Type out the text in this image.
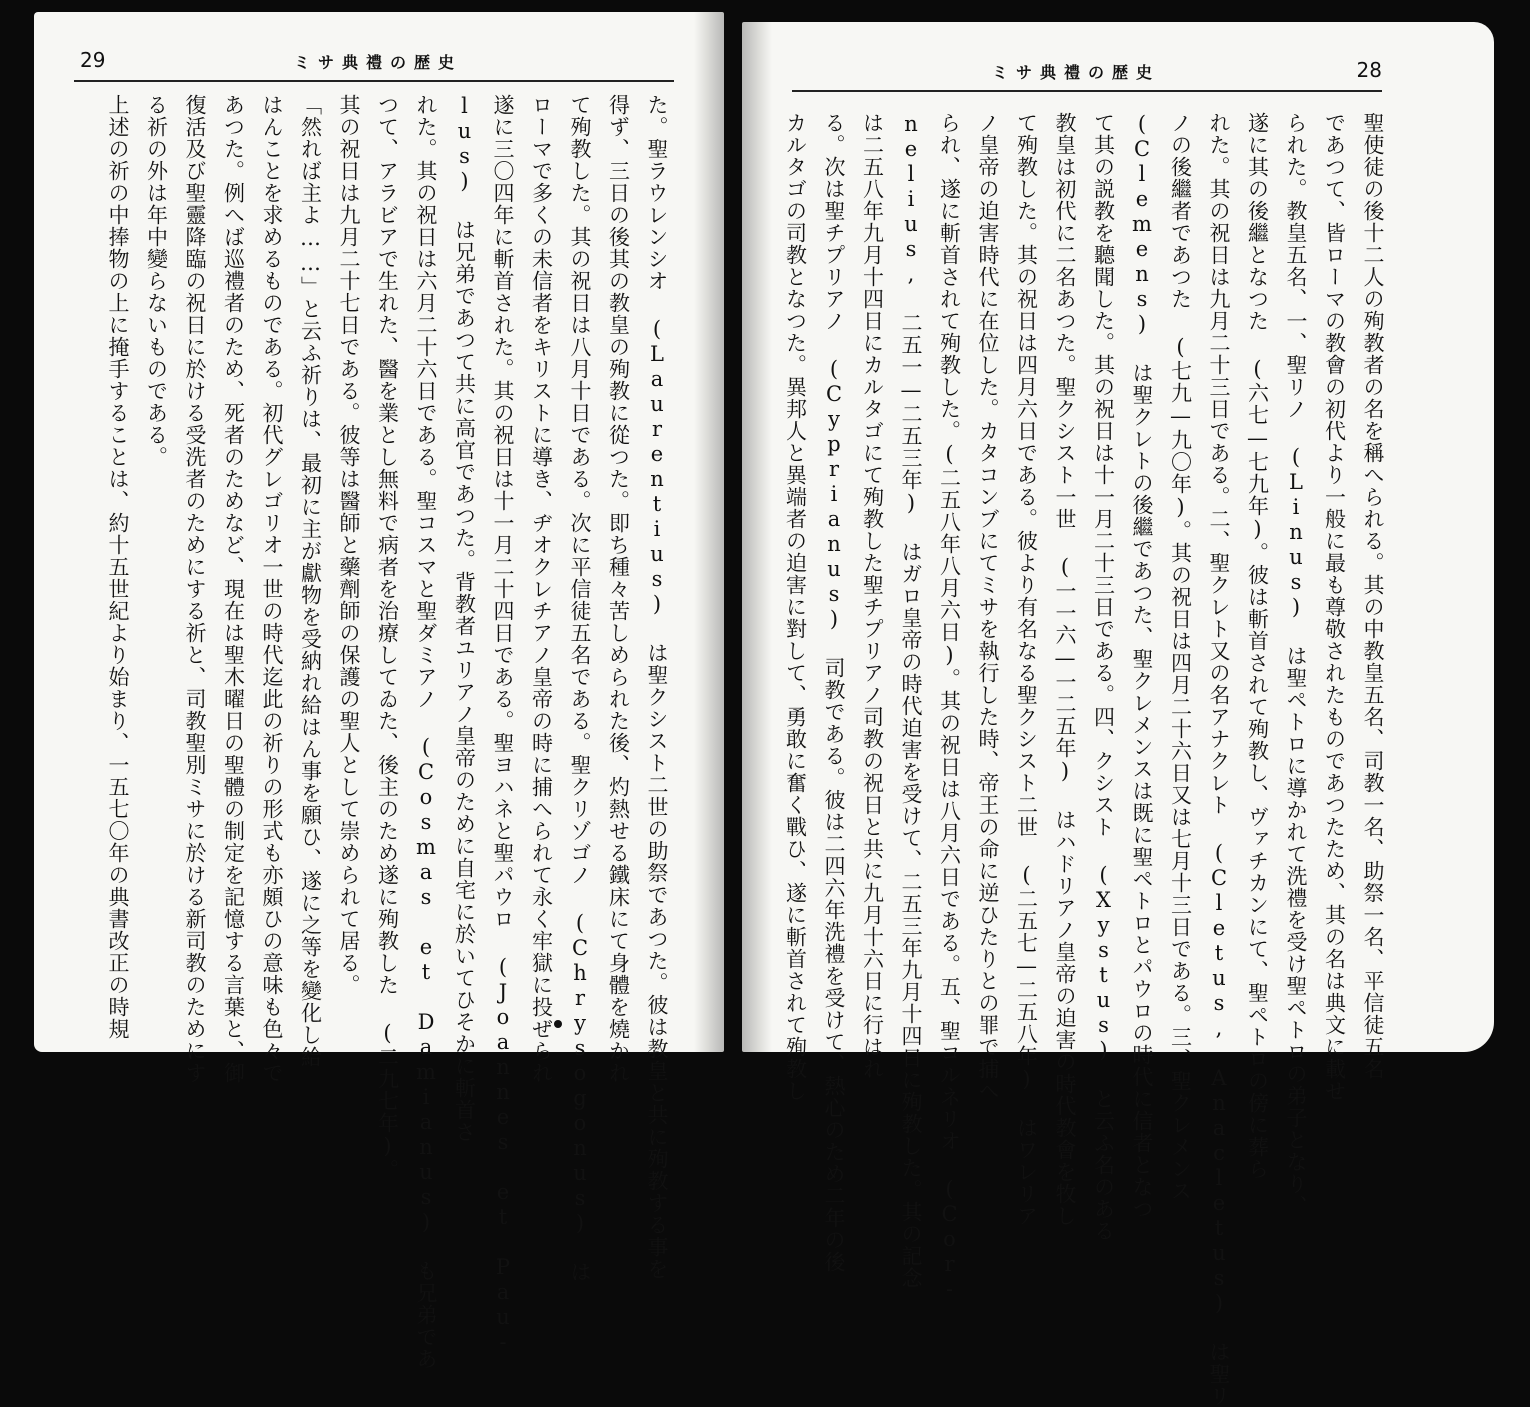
29	ミサ典禮の歴史
た。聖ラウレンシオ (Laurentius) は聖クシスト二世の助祭であつた。彼は教皇と共に殉教する事を
得ず、三日の後其の教皇の殉教に從つた。即ち種々苦しめられた後、灼熱せる鐵床にて身體を燒かれ
て殉教した。其の祝日は八月十日である。次に平信徒五名である。聖クリゾゴノ (Chrysogonus) は
ローマで多くの未信者をキリストに導き、ヂオクレチアノ皇帝の時に捕へられて永く牢獄に投ぜられ
遂に三〇四年に斬首された。其の祝日は十一月二十四日である。聖ヨハネと聖パウロ (Joannes et Pau-
lus) は兄弟であつて共に高官であつた。背教者ユリアノ皇帝のために自宅に於いてひそかに斬首さ
れた。其の祝日は六月二十六日である。聖コスマと聖ダミアノ (Cosmas et Damianus) も兄弟であ
つて、アラビアで生れた、醫を業とし無料で病者を治療してゐた、後主のため遂に殉教した (二九七年)。
其の祝日は九月二十七日である。彼等は醫師と藥劑師の保護の聖人として崇められて居る。
「然れば主よ……」と云ふ祈りは、最初に主が獻物を受納れ給はん事を願ひ、遂に之等を變化し給
はんことを求めるものである。初代グレゴリオ一世の時代迄此の祈りの形式も亦頗ひの意味も色々で
あつた。例へば巡禮者のため、死者のためなど、現在は聖木曜日の聖體の制定を記憶する言葉と、御
復活及び聖靈降臨の祝日に於ける受洗者のためにする祈と、司教聖別ミサに於ける新司教のためにす
る祈の外は年中變らないものである。
上述の祈の中捧物の上に掩手することは、約十五世紀より始まり、一五七〇年の典書改正の時規
ミサ典禮の歴史	28
聖使徒の後十二人の殉教者の名を稱へられる。其の中教皇五名、司教一名、助祭一名、平信徒五名
であつて、皆ローマの教會の初代より一般に最も尊敬されたものであつたため、其の名は典文に載せ
られた。教皇五名、一、聖リノ (Linus) は聖ペトロに導かれて洗禮を受け聖ペトロの弟子となり、
遂に其の後繼となつた (六七—七九年)。彼は斬首されて殉教し、ヴァチカンにて、聖ペトロの傍に葬ら
れた。其の祝日は九月二十三日である。二、聖クレト又の名アナクレト (Cletus, Anacletus) は聖リ
ノの後繼者であつた (七九—九〇年)。其の祝日は四月二十六日又は七月十三日である。三、聖クレメンス
(Clemens) は聖クレトの後繼であつた、聖クレメンスは既に聖ペトロとパウロの時代に信者となつ
て其の説教を聽聞した。其の祝日は十一月二十三日である。四、クシスト (Xystus) と云ふ名のある
教皇は初代に二名あつた。聖クシスト一世 (一一六—一二五年) はハドリアノ皇帝の迫害の時代教會を牧し
て殉教した。其の祝日は四月六日である。彼より有名なる聖クシスト二世 (二五七—二五八年) はワレリア
ノ皇帝の迫害時代に在位した。カタコンブにてミサを執行した時、帝王の命に逆ひたりとの罪で捕へ
られ、遂に斬首されて殉教した。(二五八年八月六日)。其の祝日は八月六日である。五、聖コルネリオ (Cor-
nelius, 二五一—二五三年) はガロ皇帝の時代迫害を受けて、二五三年九月十四日に殉教した。其の記念
は二五八年九月十四日にカルタゴにて殉教した聖チプリアノ司教の祝日と共に九月十六日に行はれ
る。次は聖チプリアノ (Cyprianus) 司教である。彼は二四六年洗禮を受けて、熱心のため二年の後
カルタゴの司教となつた。異邦人と異端者の迫害に對して、勇敢に奮く戰ひ、遂に斬首されて殉教し
